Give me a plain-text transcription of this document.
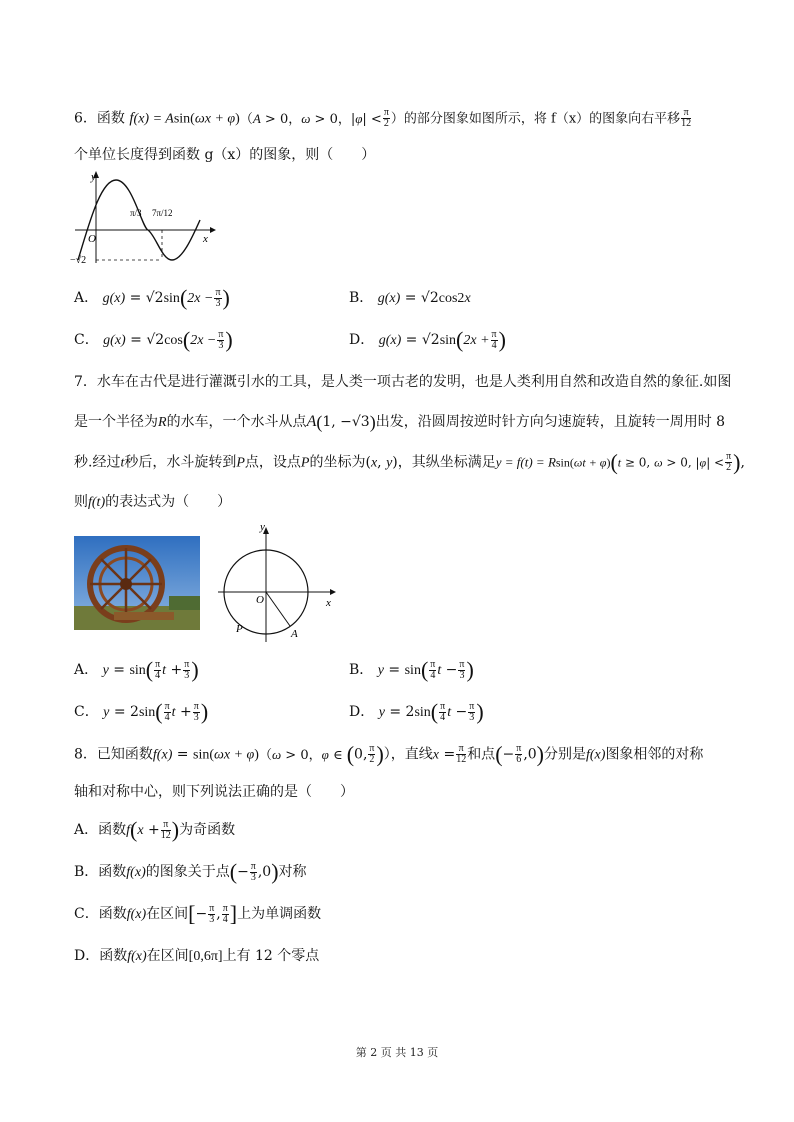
6．函数 f(x) = Asin(ωx + φ)（A > 0，ω > 0，$|\varphi| < \frac{\pi}{2}$ ）的部分图象如图所示，将 f（x）的图象向右平移 $\frac{\pi}{12}$
个单位长度得到函数 g（x）的图象，则（　　）
y
x
O
π/3 7π/12
−√2
A． $g(x) = √2\sin(2x - \frac{\pi}{3}$ )	B． g(x) = √2cos2x
C． $g(x) = √2\cos(2x - \frac{\pi}{3}$ )	D． $g(x) = √2\sin(2x + \frac{\pi}{4}$ )
7．水车在古代是进行灌溉引水的工具，是人类一项古老的发明，也是人类利用自然和改造自然的象征.如图
是一个半径为R的水车，一个水斗从点A(1, −√3)出发，沿圆周按逆时针方向匀速旋转，且旋转一周用时 8
秒.经过t秒后，水斗旋转到P点，设点P的坐标为(x, y)，其纵坐标满足y = f(t) = Rsin(ωt + φ)(t ≥ 0, ω > 0, $|\varphi| < \frac{\pi}{2}$ ),
则f(t)的表达式为（　　）
y
x
O
P	A
A． $y = \sin( \frac{\pi}{4}$ $t + \frac{\pi}{3}$ )	B． $y = \sin( \frac{\pi}{4}$ $t - \frac{\pi}{3}$ )
C． $y = 2\sin( \frac{\pi}{4}$ $t + \frac{\pi}{3}$ )	D． $y = 2\sin( \frac{\pi}{4}$ $t - \frac{\pi}{3}$ )
8．已知函数f(x) = sin(ωx + φ)（ω > 0，φ ∈ (0, $\frac{\pi}{2}$ )），直线$x = \frac{\pi}{12}$ 和点(− $\frac{\pi}{6} ,0$)分别是f(x)图象相邻的对称
轴和对称中心，则下列说法正确的是（　　）
A．函数$f(x + \frac{\pi}{12}$ )为奇函数
B．函数f(x)的图象关于点(− $\frac{\pi}{3} ,0$)对称
C．函数f(x)在区间[− $\frac{\pi}{3}$ , $\frac{\pi}{4}$ ]上为单调函数
D．函数f(x)在区间[0,6π]上有 12 个零点
第 2 页 共 13 页
